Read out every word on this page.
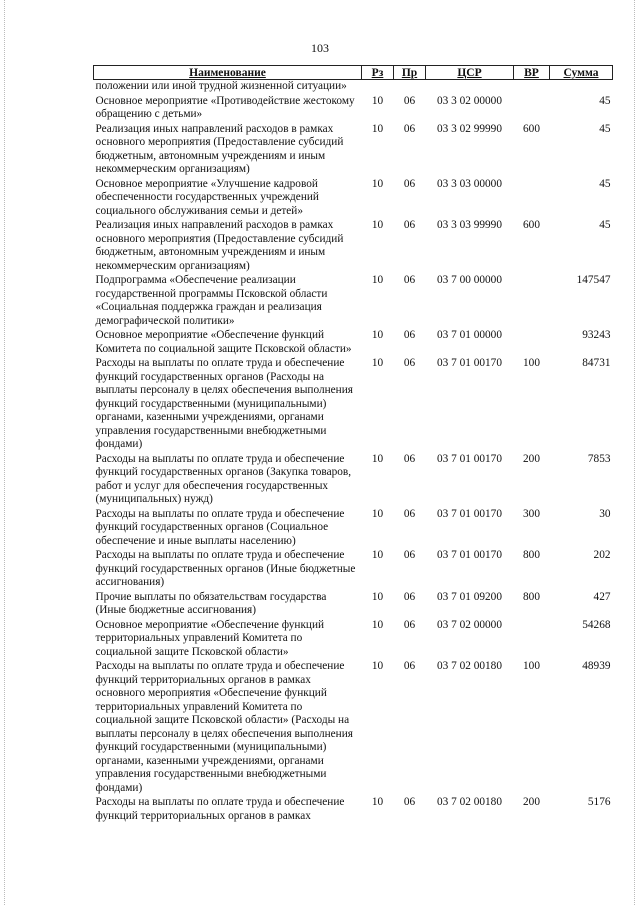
103
Наименование	Рз	Пр	ЦСР	ВР	Сумма
положении или иной трудной жизненной ситуации»					
Основное мероприятие «Противодействие жестокому обращению с детьми»	10	06	03 3 02 00000		45
Реализация иных направлений расходов в рамках основного мероприятия (Предоставление субсидий бюджетным, автономным учреждениям и иным некоммерческим организациям)	10	06	03 3 02 99990	600	45
Основное мероприятие «Улучшение кадровой обеспеченности государственных учреждений социального обслуживания семьи и детей»	10	06	03 3 03 00000		45
Реализация иных направлений расходов в рамках основного мероприятия (Предоставление субсидий бюджетным, автономным учреждениям и иным некоммерческим организациям)	10	06	03 3 03 99990	600	45
Подпрограмма «Обеспечение реализации государственной программы Псковской области «Социальная поддержка граждан и реализация демографической политики»	10	06	03 7 00 00000		147547
Основное мероприятие «Обеспечение функций Комитета по социальной защите Псковской области»	10	06	03 7 01 00000		93243
Расходы на выплаты по оплате труда и обеспечение функций государственных органов (Расходы на выплаты персоналу в целях обеспечения выполнения функций государственными (муниципальными) органами, казенными учреждениями, органами управления государственными внебюджетными фондами)	10	06	03 7 01 00170	100	84731
Расходы на выплаты по оплате труда и обеспечение функций государственных органов (Закупка товаров, работ и услуг для обеспечения государственных (муниципальных) нужд)	10	06	03 7 01 00170	200	7853
Расходы на выплаты по оплате труда и обеспечение функций государственных органов (Социальное обеспечение и иные выплаты населению)	10	06	03 7 01 00170	300	30
Расходы на выплаты по оплате труда и обеспечение функций государственных органов (Иные бюджетные ассигнования)	10	06	03 7 01 00170	800	202
Прочие выплаты по обязательствам государства (Иные бюджетные ассигнования)	10	06	03 7 01 09200	800	427
Основное мероприятие «Обеспечение функций территориальных управлений Комитета по социальной защите Псковской области»	10	06	03 7 02 00000		54268
Расходы на выплаты по оплате труда и обеспечение функций территориальных органов в рамках основного мероприятия «Обеспечение функций территориальных управлений Комитета по социальной защите Псковской области» (Расходы на выплаты персоналу в целях обеспечения выполнения функций государственными (муниципальными) органами, казенными учреждениями, органами управления государственными внебюджетными фондами)	10	06	03 7 02 00180	100	48939
Расходы на выплаты по оплате труда и обеспечение функций территориальных органов в рамках	10	06	03 7 02 00180	200	5176
